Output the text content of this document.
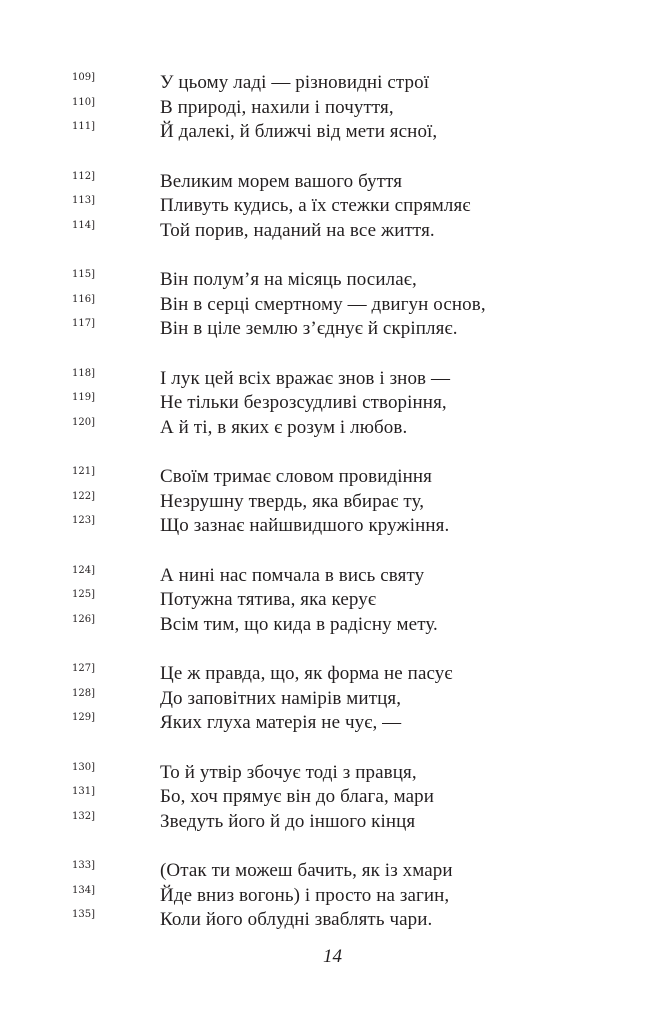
109]	У цьому ладі — різновидні строї
110]	В природі, нахили і почуття,
111]	Й далекі, й ближчі від мети ясної,
112]	Великим морем вашого буття
113]	Пливуть кудись, а їх стежки спрямляє
114]	Той порив, наданий на все життя.
115]	Він полум’я на місяць посилає,
116]	Він в серці смертному — двигун основ,
117]	Він в ціле землю з’єднує й скріпляє.
118]	І лук цей всіх вражає знов і знов —
119]	Не тільки безрозсудливі створіння,
120]	А й ті, в яких є розум і любов.
121]	Своїм тримає словом провидіння
122]	Незрушну твердь, яка вбирає ту,
123]	Що зазнає найшвидшого кружіння.
124]	А нині нас помчала в вись святу
125]	Потужна тятива, яка керує
126]	Всім тим, що кида в радісну мету.
127]	Це ж правда, що, як форма не пасує
128]	До заповітних намірів митця,
129]	Яких глуха матерія не чує, —
130]	То й утвір збочує тоді з правця,
131]	Бо, хоч прямує він до блага, мари
132]	Зведуть його й до іншого кінця
133]	(Отак ти можеш бачить, як із хмари
134]	Йде вниз вогонь) і просто на загин,
135]	Коли його облудні зваблять чари.
14
